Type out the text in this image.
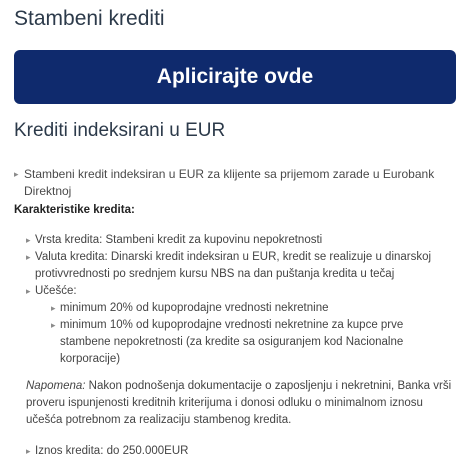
Stambeni krediti
Aplicirajte ovde
Krediti indeksirani u EUR
▸ Stambeni kredit indeksiran u EUR za klijente sa prijemom zarade u Eurobank Direktnoj
Karakteristike kredita:
▸ Vrsta kredita: Stambeni kredit za kupovinu nepokretnosti
▸ Valuta kredita: Dinarski kredit indeksiran u EUR, kredit se realizuje u dinarskoj protivvrednosti po srednjem kursu NBS na dan puštanja kredita u tečaj
▸ Učešće:
▸ minimum 20% od kupoprodajne vrednosti nekretnine
▸ minimum 10% od kupoprodajne vrednosti nekretnine za kupce prve stambene nepokretnosti (za kredite sa osiguranjem kod Nacionalne korporacije)
Napomena: Nakon podnošenja dokumentacije o zaposljenju i nekretnini, Banka vrši proveru ispunjenosti kreditnih kriterijuma i donosi odluku o minimalnom iznosu učešća potrebnom za realizaciju stambenog kredita.
▸ Iznos kredita: do 250.000EUR
